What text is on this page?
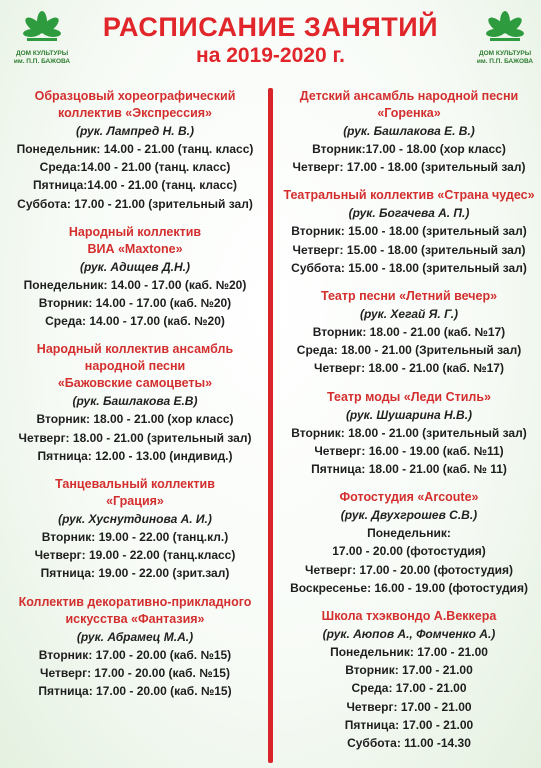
ДОМ КУЛЬТУРЫ
им. П.П. БАЖОВА
РАСПИСАНИЕ ЗАНЯТИЙ
на 2019-2020 г.	ДОМ КУЛЬТУРЫ
им. П.П. БАЖОВА
Образцовый хореографический
коллектив «Экспрессия»
(рук. Лампред Н. В.)
Понедельник: 14.00 - 21.00 (танц. класс)
Среда:14.00 - 21.00 (танц. класс)
Пятница:14.00 - 21.00 (танц. класс)
Суббота: 17.00 - 21.00 (зрительный зал)
Народный коллектив
ВИА «Maxtone»
(рук. Адищев Д.Н.)
Понедельник: 14.00 - 17.00 (каб. №20)
Вторник: 14.00 - 17.00 (каб. №20)
Среда: 14.00 - 17.00 (каб. №20)
Народный коллектив ансамбль
народной песни
«Бажовские самоцветы»
(рук. Башлакова Е.В)
Вторник: 18.00 - 21.00 (хор класс)
Четверг: 18.00 - 21.00 (зрительный зал)
Пятница: 12.00 - 13.00 (индивид.)
Танцевальный коллектив
«Грация»
(рук. Хуснутдинова А. И.)
Вторник: 19.00 - 22.00 (танц.кл.)
Четверг: 19.00 - 22.00 (танц.класс)
Пятница: 19.00 - 22.00 (зрит.зал)
Коллектив декоративно-прикладного
искусства «Фантазия»
(рук. Абрамец М.А.)
Вторник: 17.00 - 20.00 (каб. №15)
Четверг: 17.00 - 20.00 (каб. №15)
Пятница: 17.00 - 20.00 (каб. №15)
Детский ансамбль народной песни
«Горенка»
(рук. Башлакова Е. В.)
Вторник:17.00 - 18.00 (хор класс)
Четверг: 17.00 - 18.00 (зрительный зал)
Театральный коллектив «Страна чудес»
(рук. Богачева А. П.)
Вторник: 15.00 - 18.00 (зрительный зал)
Четверг: 15.00 - 18.00 (зрительный зал)
Суббота: 15.00 - 18.00 (зрительный зал)
Театр песни «Летний вечер»
(рук. Хегай Я. Г.)
Вторник: 18.00 - 21.00 (каб. №17)
Среда: 18.00 - 21.00 (Зрительный зал)
Четверг: 18.00 - 21.00 (каб. №17)
Театр моды «Леди Стиль»
(рук. Шушарина Н.В.)
Вторник: 18.00 - 21.00 (зрительный зал)
Четверг: 16.00 - 19.00 (каб. №11)
Пятница: 18.00 - 21.00 (каб. № 11)
Фотостудия «Arcoute»
(рук. Двухгрошев С.В.)
Понедельник:
17.00 - 20.00 (фотостудия)
Четверг: 17.00 - 20.00 (фотостудия)
Воскресенье: 16.00 - 19.00 (фотостудия)
Школа тхэквондо А.Веккера
(рук. Аюпов А., Фомченко А.)
Понедельник: 17.00 - 21.00
Вторник: 17.00 - 21.00
Среда: 17.00 - 21.00
Четверг: 17.00 - 21.00
Пятница: 17.00 - 21.00
Суббота: 11.00 -14.30
